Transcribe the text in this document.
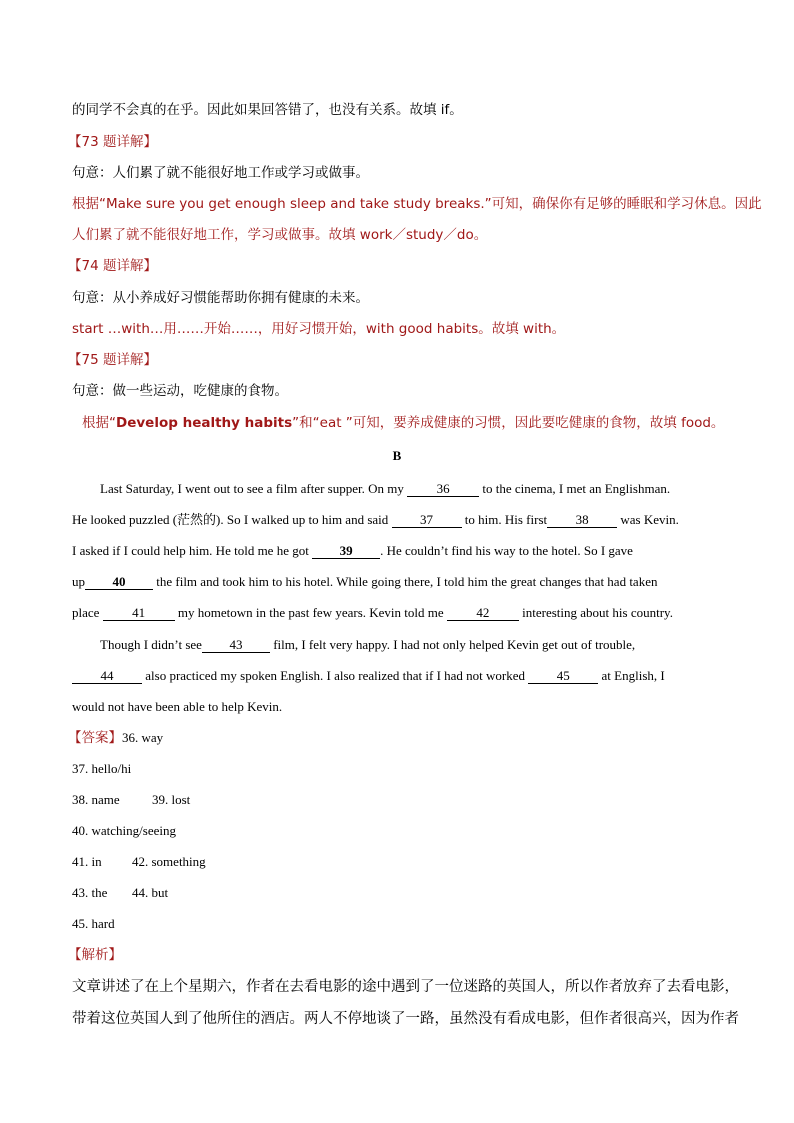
的同学不会真的在乎。因此如果回答错了，也没有关系。故填 if。
【73 题详解】
句意：人们累了就不能很好地工作或学习或做事。
根据“Make sure you get enough sleep and take study breaks.”可知，确保你有足够的睡眠和学习休息。因此
人们累了就不能很好地工作，学习或做事。故填 work／study／do。
【74 题详解】
句意：从小养成好习惯能帮助你拥有健康的未来。
start …with…用……开始……，用好习惯开始，with good habits。故填 with。
【75 题详解】
句意：做一些运动，吃健康的食物。
根据“Develop healthy habits”和“eat ”可知，要养成健康的习惯，因此要吃健康的食物，故填 food。
B
Last Saturday, I went out to see a film after supper. On my 36 to the cinema, I met an Englishman.
He looked puzzled (茫然的). So I walked up to him and said 37 to him. His first 38 was Kevin.
I asked if I could help him. He told me he got 39 . He couldn’t find his way to the hotel. So I gave
up 40 the film and took him to his hotel. While going there, I told him the great changes that had taken
place 41 my hometown in the past few years. Kevin told me 42 interesting about his country.
Though I didn’t see 43 film, I felt very happy. I had not only helped Kevin get out of trouble,
44 also practiced my spoken English. I also realized that if I had not worked 45 at English, I
would not have been able to help Kevin.
【答案】36. way
37. hello/hi
38. name 39. lost
40. watching/seeing
41. in 42. something
43. the 44. but
45. hard
【解析】
文章讲述了在上个星期六，作者在去看电影的途中遇到了一位迷路的英国人，所以作者放弃了去看电影，
带着这位英国人到了他所住的酒店。两人不停地谈了一路，虽然没有看成电影，但作者很高兴，因为作者
